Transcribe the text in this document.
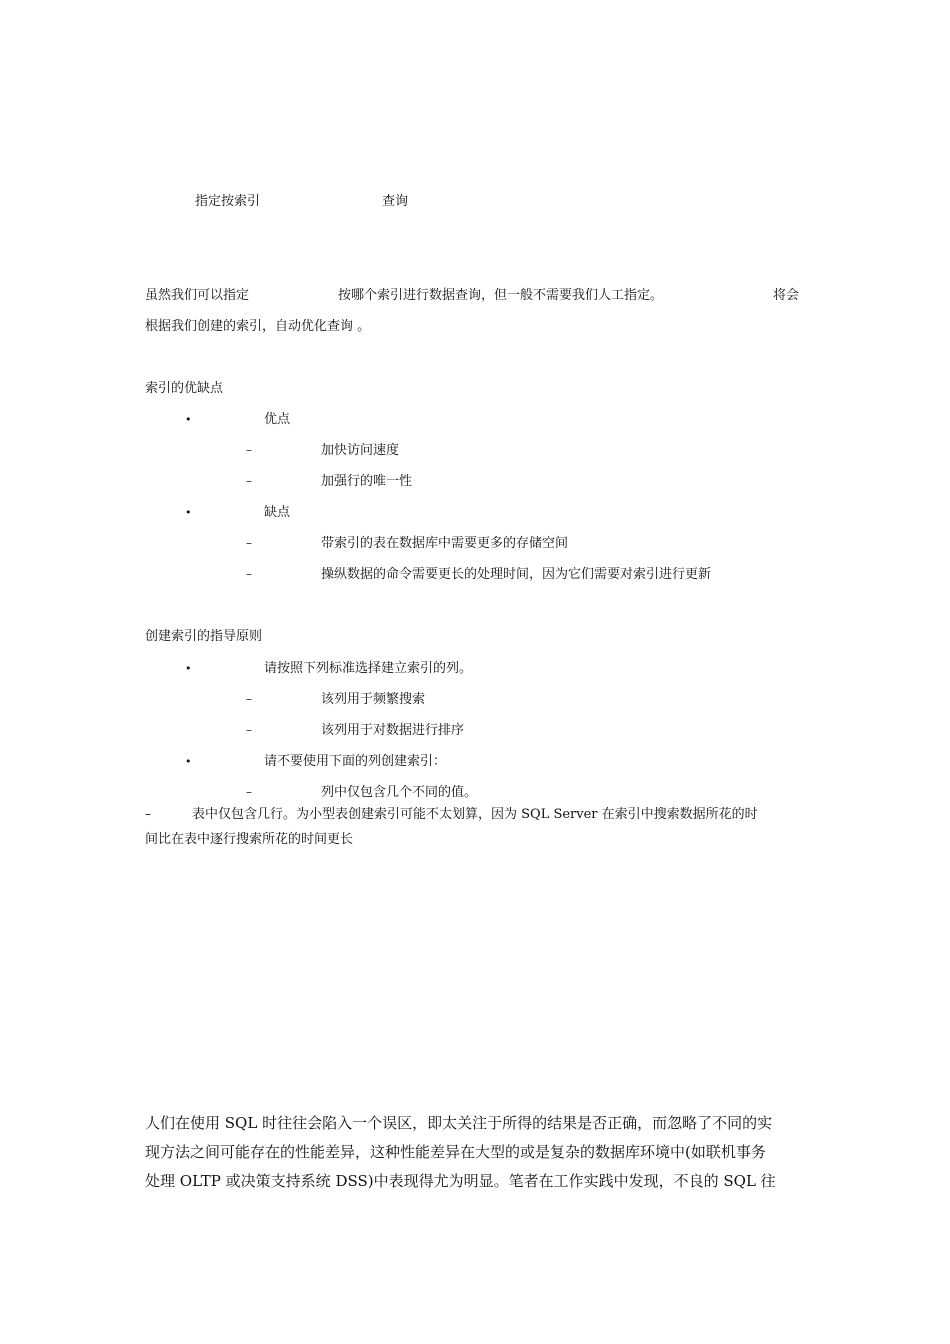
指定按索引	查询
虽然我们可以指定	按哪个索引进行数据查询，但一般不需要我们人工指定。	将会
根据我们创建的索引，自动优化查询 。
索引的优缺点
•	优点
–	加快访问速度
–	加强行的唯一性
•	缺点
–	带索引的表在数据库中需要更多的存储空间
–	操纵数据的命令需要更长的处理时间，因为它们需要对索引进行更新
创建索引的指导原则
•	请按照下列标准选择建立索引的列。
–	该列用于频繁搜索
–	该列用于对数据进行排序
•	请不要使用下面的列创建索引：
–	列中仅包含几个不同的值。
–	表中仅包含几行。为小型表创建索引可能不太划算，因为 SQL Server 在索引中搜索数据所花的时
间比在表中逐行搜索所花的时间更长
人们在使用 SQL 时往往会陷入一个误区，即太关注于所得的结果是否正确，而忽略了不同的实
现方法之间可能存在的性能差异，这种性能差异在大型的或是复杂的数据库环境中(如联机事务
处理 OLTP 或决策支持系统 DSS)中表现得尤为明显。笔者在工作实践中发现，不良的 SQL 往
